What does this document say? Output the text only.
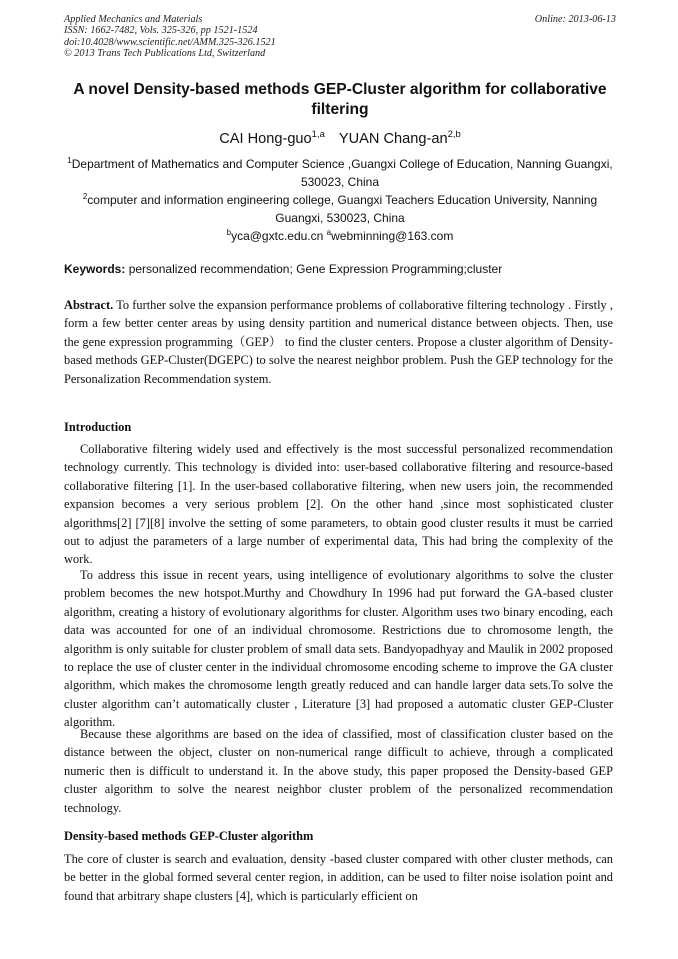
Applied Mechanics and Materials
ISSN: 1662-7482, Vols. 325-326, pp 1521-1524
doi:10.4028/www.scientific.net/AMM.325-326.1521
© 2013 Trans Tech Publications Ltd, Switzerland
Online: 2013-06-13
A novel Density-based methods GEP-Cluster algorithm for collaborative filtering
CAI Hong-guo$^{1,a}$ YUAN Chang-an$^{2,b}$
$^1$Department of Mathematics and Computer Science ,Guangxi College of Education, Nanning Guangxi, 530023, China
$^2$computer and information engineering college, Guangxi Teachers Education University, Nanning Guangxi, 530023, China
$^b$yca@gxtc.edu.cn $^a$webminning@163.com
Keywords: personalized recommendation; Gene Expression Programming;cluster
Abstract. To further solve the expansion performance problems of collaborative filtering technology . Firstly , form a few better center areas by using density partition and numerical distance between objects. Then, use the gene expression programming（GEP） to find the cluster centers. Propose a cluster algorithm of Density-based methods GEP-Cluster(DGEPC) to solve the nearest neighbor problem. Push the GEP technology for the Personalization Recommendation system.
Introduction
Collaborative filtering widely used and effectively is the most successful personalized recommendation technology currently. This technology is divided into: user-based collaborative filtering and resource-based collaborative filtering [1]. In the user-based collaborative filtering, when new users join, the recommended expansion becomes a very serious problem [2]. On the other hand ,since most sophisticated cluster algorithms[2] [7][8] involve the setting of some parameters, to obtain good cluster results it must be carried out to adjust the parameters of a large number of experimental data, This had bring the complexity of the work.
To address this issue in recent years, using intelligence of evolutionary algorithms to solve the cluster problem becomes the new hotspot.Murthy and Chowdhury In 1996 had put forward the GA-based cluster algorithm, creating a history of evolutionary algorithms for cluster. Algorithm uses two binary encoding, each data was accounted for one of an individual chromosome. Restrictions due to chromosome length, the algorithm is only suitable for cluster problem of small data sets. Bandyopadhyay and Maulik in 2002 proposed to replace the use of cluster center in the individual chromosome encoding scheme to improve the GA cluster algorithm, which makes the chromosome length greatly reduced and can handle larger data sets.To solve the cluster algorithm can’t automatically cluster , Literature [3] had proposed a automatic cluster GEP-Cluster algorithm.
Because these algorithms are based on the idea of classified, most of classification cluster based on the distance between the object, cluster on non-numerical range difficult to achieve, through a complicated numeric then is difficult to understand it. In the above study, this paper proposed the Density-based GEP cluster algorithm to solve the nearest neighbor cluster problem of the personalized recommendation technology.
Density-based methods GEP-Cluster algorithm
The core of cluster is search and evaluation, density -based cluster compared with other cluster methods, can be better in the global formed several center region, in addition, can be used to filter noise isolation point and found that arbitrary shape clusters [4], which is particularly efficient on
